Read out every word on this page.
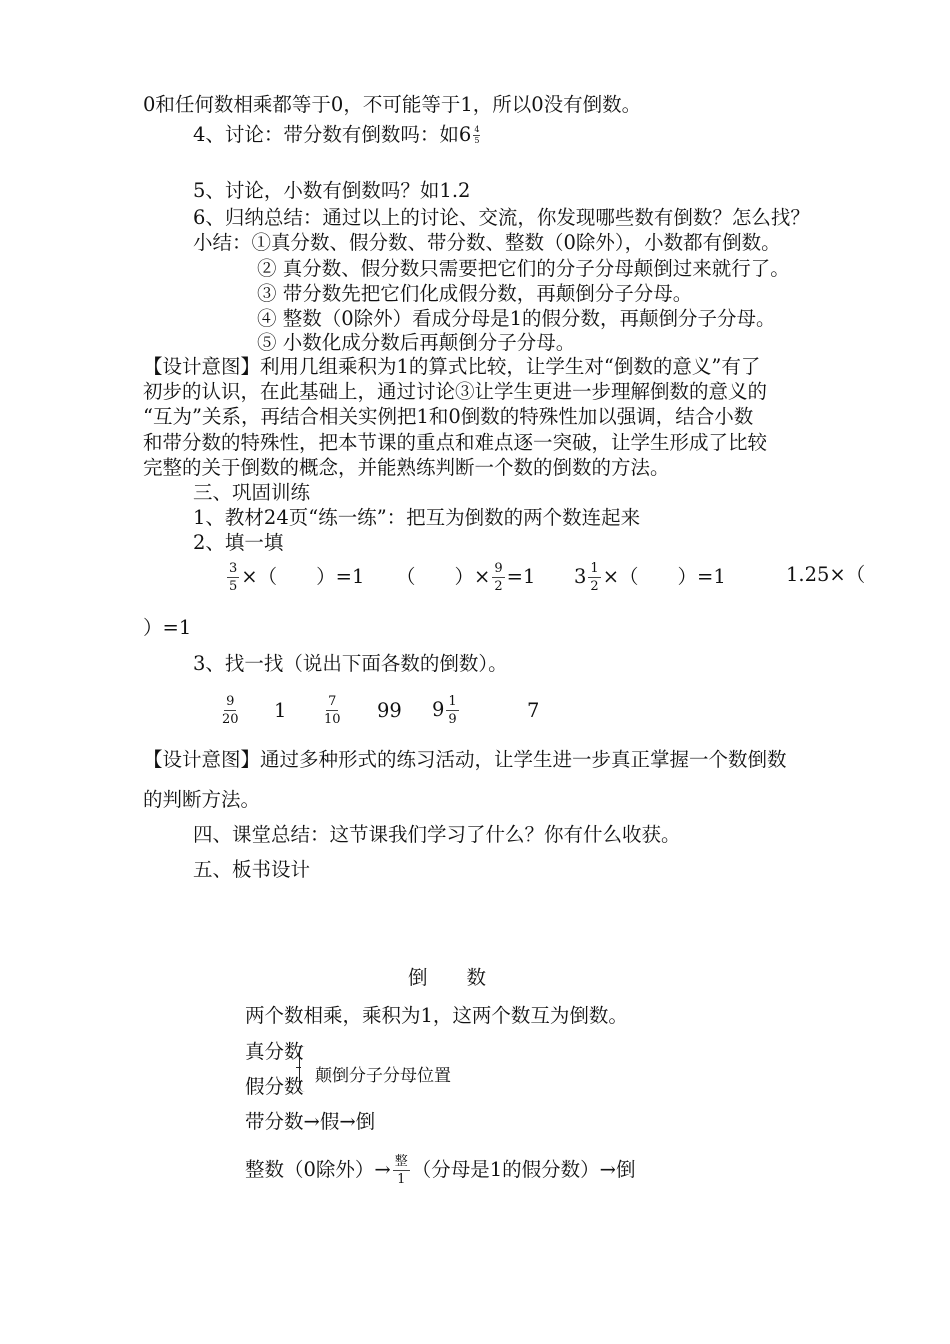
0和任何数相乘都等于0，不可能等于1，所以0没有倒数。
4、讨论：带分数有倒数吗：如$6 \frac{4}{5}$
5、讨论，小数有倒数吗？如1.2
6、归纳总结：通过以上的讨论、交流，你发现哪些数有倒数？怎么找？
小结：①真分数、假分数、带分数、整数（0除外），小数都有倒数。
② 真分数、假分数只需要把它们的分子分母颠倒过来就行了。
③ 带分数先把它们化成假分数，再颠倒分子分母。
④ 整数（0除外）看成分母是1的假分数，再颠倒分子分母。
⑤ 小数化成分数后再颠倒分子分母。
【设计意图】利用几组乘积为1的算式比较，让学生对“倒数的意义”有了
初步的认识，在此基础上，通过讨论③让学生更进一步理解倒数的意义的
“互为”关系，再结合相关实例把1和0倒数的特殊性加以强调，结合小数
和带分数的特殊性，把本节课的重点和难点逐一突破，让学生形成了比较
完整的关于倒数的概念，并能熟练判断一个数的倒数的方法。
三、巩固训练
1、教材24页“练一练”：把互为倒数的两个数连起来
2、填一填
$\frac{3}{5}$ ×（　　）=1 （　　）× $\frac{9}{2} =1$ $3 \frac{1}{2}$ ×（　　）=1	1.25×（
）=1
3、找一找（说出下面各数的倒数）。
$\frac{9}{20} 1$	$\frac{7}{10} 99$ $9 \frac{1}{9}$	7
【设计意图】通过多种形式的练习活动，让学生进一步真正掌握一个数倒数
的判断方法。
四、课堂总结：这节课我们学习了什么？你有什么收获。
五、板书设计
倒　　数
两个数相乘，乘积为1，这两个数互为倒数。
真分数
颠倒分子分母位置
假分数
带分数→假→倒
整数（0除外）→ $\frac{\text{整}}{1}$ （分母是1的假分数）→倒
